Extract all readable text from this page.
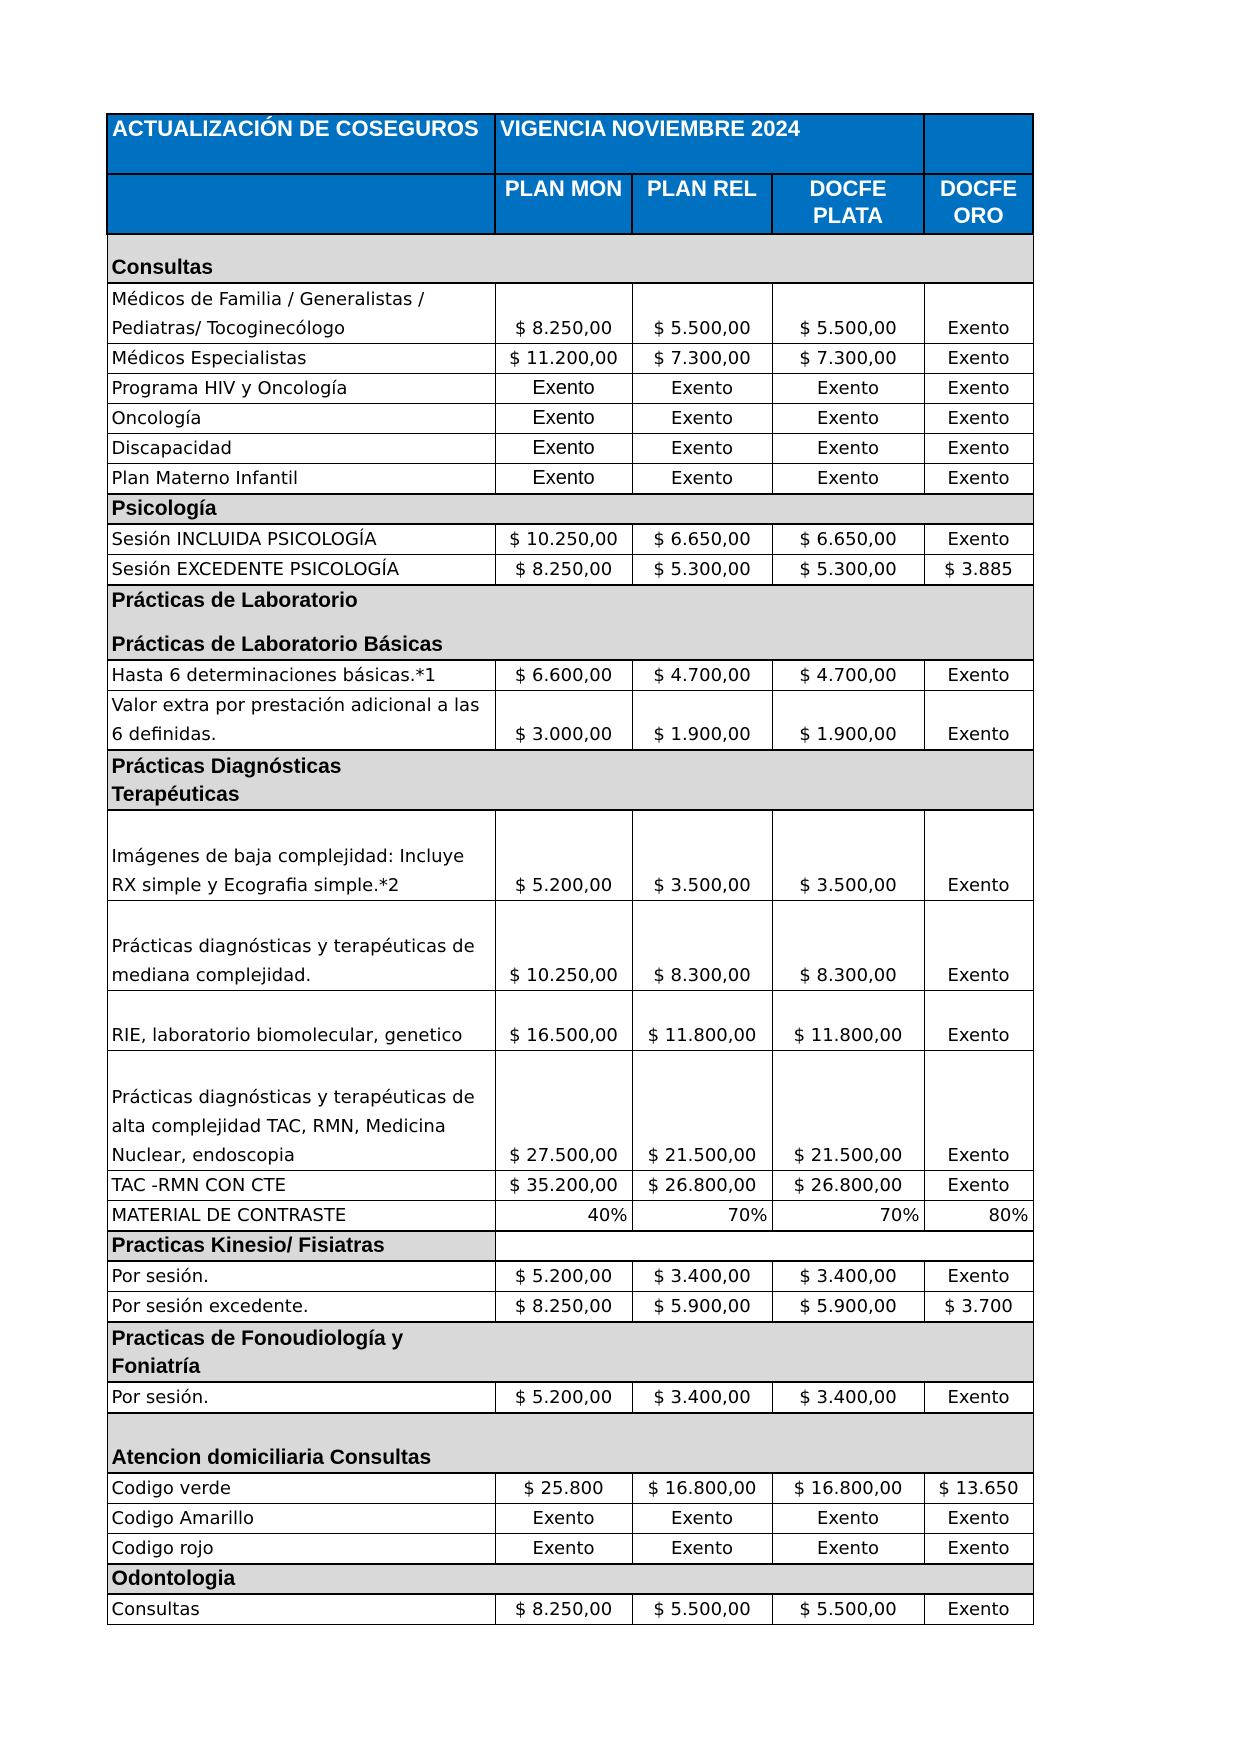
ACTUALIZACIÓN DE COSEGUROS	VIGENCIA NOVIEMBRE 2024			
	PLAN MON	PLAN REL	DOCFE PLATA	DOCFE ORO
Consultas				
Médicos de Familia / Generalistas / Pediatras/ Tocoginecólogo	$ 8.250,00	$ 5.500,00	$ 5.500,00	Exento
Médicos Especialistas	$ 11.200,00	$ 7.300,00	$ 7.300,00	Exento
Programa HIV y Oncología	Exento	Exento	Exento	Exento
Oncología	Exento	Exento	Exento	Exento
Discapacidad	Exento	Exento	Exento	Exento
Plan Materno Infantil	Exento	Exento	Exento	Exento
Psicología				
Sesión INCLUIDA PSICOLOGÍA	$ 10.250,00	$ 6.650,00	$ 6.650,00	Exento
Sesión EXCEDENTE PSICOLOGÍA	$ 8.250,00	$ 5.300,00	$ 5.300,00	$ 3.885
Prácticas de Laboratorio				
Prácticas de Laboratorio Básicas				
Hasta 6 determinaciones básicas.*1	$ 6.600,00	$ 4.700,00	$ 4.700,00	Exento
Valor extra por prestación adicional a las 6 definidas.	$ 3.000,00	$ 1.900,00	$ 1.900,00	Exento
Prácticas Diagnósticas Terapéuticas				
Imágenes de baja complejidad: Incluye RX simple y Ecografia simple.*2	$ 5.200,00	$ 3.500,00	$ 3.500,00	Exento
Prácticas diagnósticas y terapéuticas de mediana complejidad.	$ 10.250,00	$ 8.300,00	$ 8.300,00	Exento
RIE, laboratorio biomolecular, genetico	$ 16.500,00	$ 11.800,00	$ 11.800,00	Exento
Prácticas diagnósticas y terapéuticas de alta complejidad TAC, RMN, Medicina Nuclear, endoscopia	$ 27.500,00	$ 21.500,00	$ 21.500,00	Exento
TAC -RMN CON CTE	$ 35.200,00	$ 26.800,00	$ 26.800,00	Exento
MATERIAL DE CONTRASTE	40%	70%	70%	80%
Practicas Kinesio/ Fisiatras				
Por sesión.	$ 5.200,00	$ 3.400,00	$ 3.400,00	Exento
Por sesión excedente.	$ 8.250,00	$ 5.900,00	$ 5.900,00	$ 3.700
Practicas de Fonoudiología y Foniatría				
Por sesión.	$ 5.200,00	$ 3.400,00	$ 3.400,00	Exento
Atencion domiciliaria Consultas				
Codigo verde	$ 25.800	$ 16.800,00	$ 16.800,00	$ 13.650
Codigo Amarillo	Exento	Exento	Exento	Exento
Codigo rojo	Exento	Exento	Exento	Exento
Odontologia				
Consultas	$ 8.250,00	$ 5.500,00	$ 5.500,00	Exento
